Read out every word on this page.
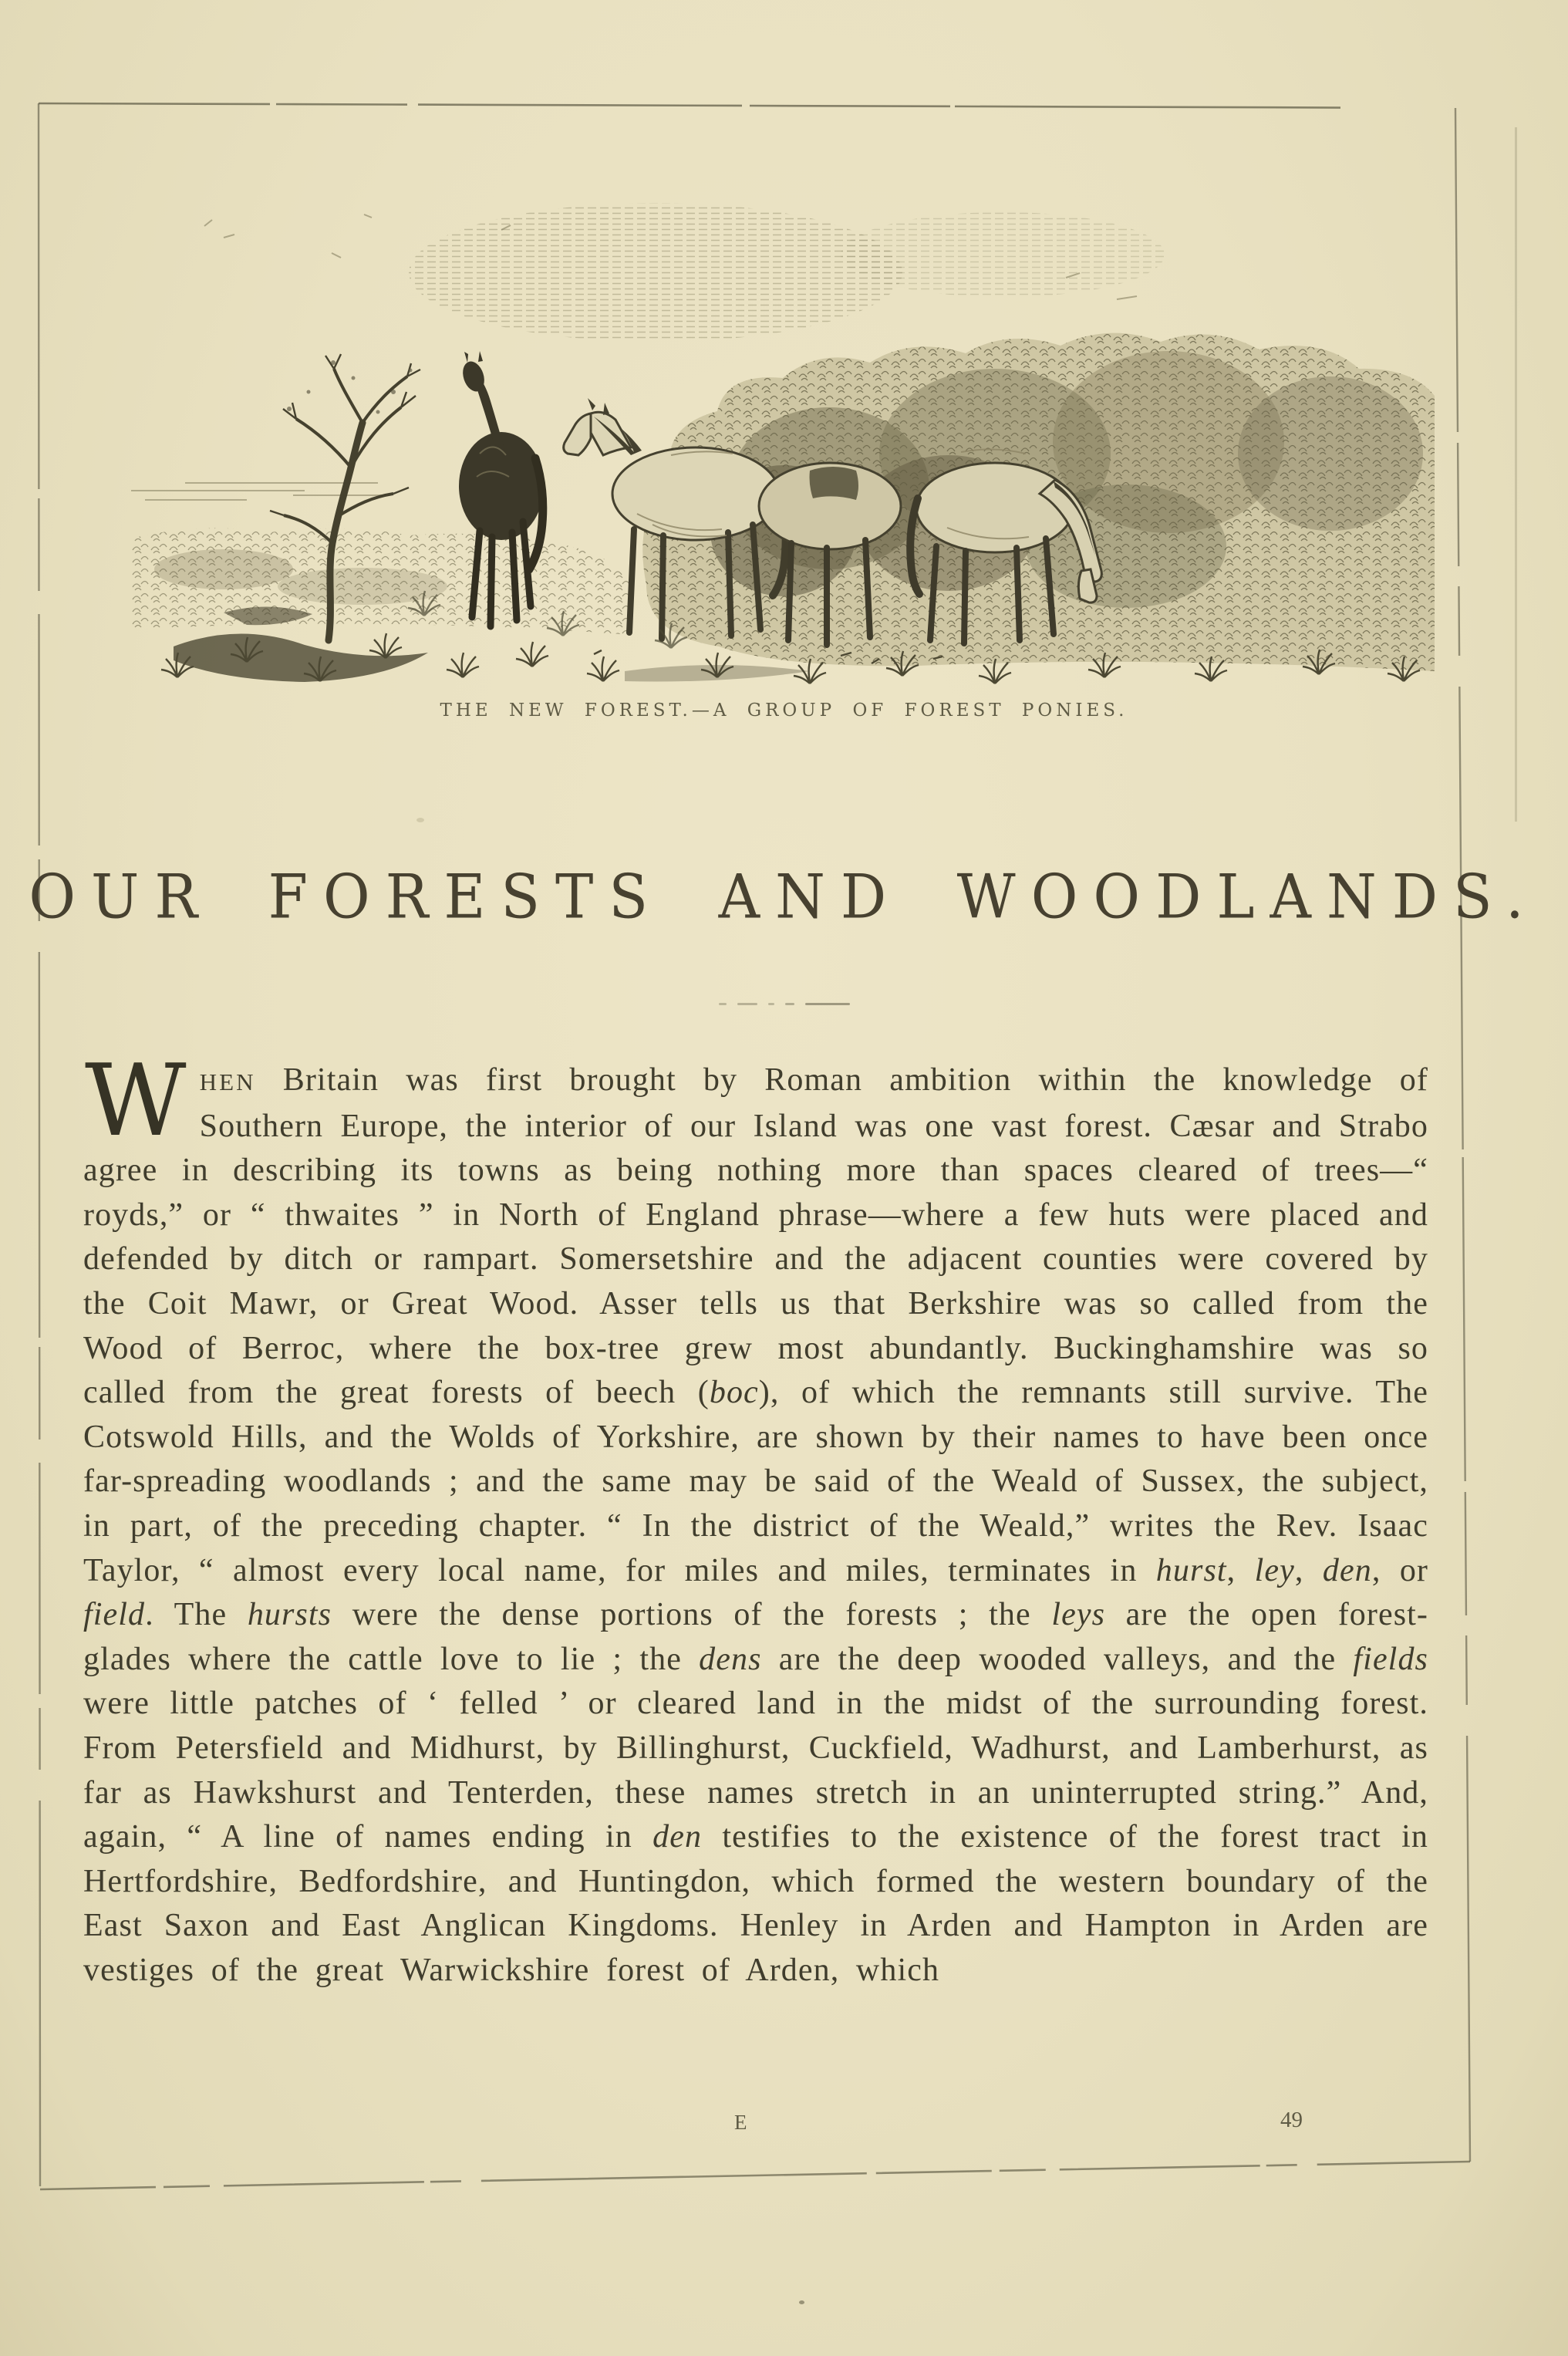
THE NEW FOREST.—A GROUP OF FOREST PONIES.
OUR FORESTS AND WOODLANDS.
WHEN Britain was first brought by Roman ambition within the knowledge of Southern Europe, the interior of our Island was one vast forest. Cæsar and Strabo agree in describing its towns as being nothing more than spaces cleared of trees—“ royds,” or “ thwaites ” in North of England phrase—where a few huts were placed and defended by ditch or rampart. Somersetshire and the adjacent counties were covered by the Coit Mawr, or Great Wood. Asser tells us that Berkshire was so called from the Wood of Berroc, where the box-tree grew most abundantly. Buckinghamshire was so called from the great forests of beech (boc), of which the remnants still survive. The Cotswold Hills, and the Wolds of Yorkshire, are shown by their names to have been once far-spreading woodlands ; and the same may be said of the Weald of Sussex, the subject, in part, of the preceding chapter. “ In the district of the Weald,” writes the Rev. Isaac Taylor, “ almost every local name, for miles and miles, terminates in hurst, ley, den, or field. The hursts were the dense portions of the forests ; the leys are the open forest-glades where the cattle love to lie ; the dens are the deep wooded valleys, and the fields were little patches of ‘ felled ’ or cleared land in the midst of the surrounding forest. From Petersfield and Midhurst, by Billinghurst, Cuckfield, Wadhurst, and Lamberhurst, as far as Hawkshurst and Tenterden, these names stretch in an uninterrupted string.” And, again, “ A line of names ending in den testifies to the existence of the forest tract in Hertfordshire, Bedfordshire, and Huntingdon, which formed the western boundary of the East Saxon and East Anglican Kingdoms. Henley in Arden and Hampton in Arden are vestiges of the great Warwickshire forest of Arden, which
E	49
